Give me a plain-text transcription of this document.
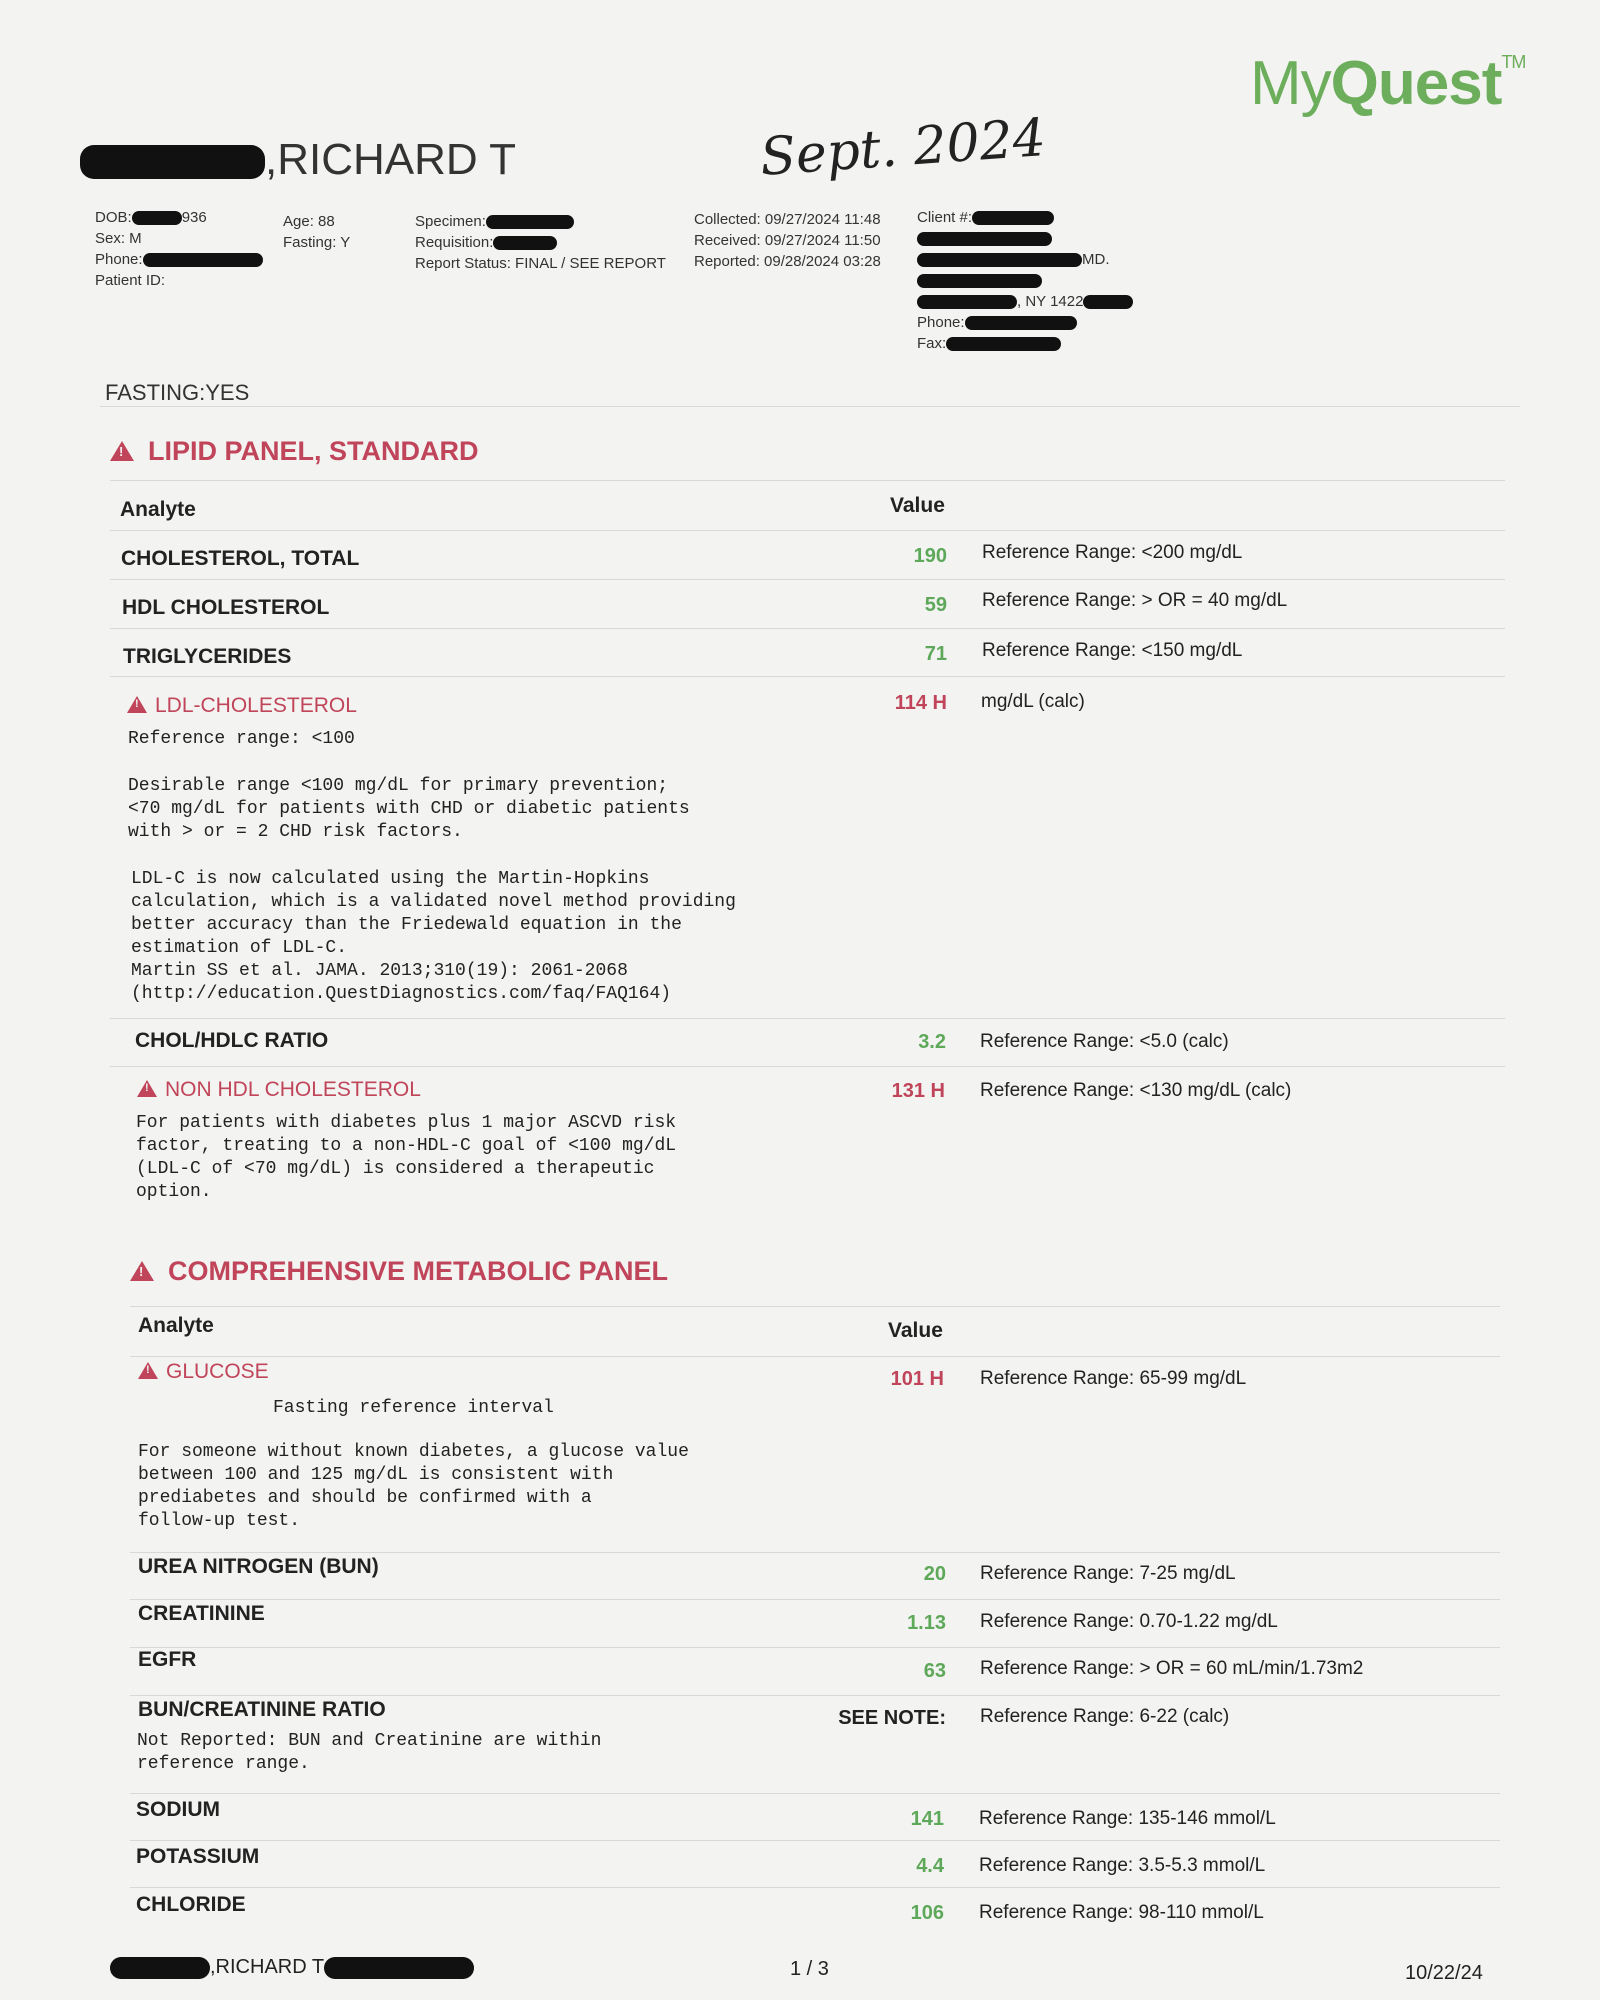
MyQuest™
,RICHARD T	Sept. 2024
DOB:	936
Sex: M
Phone:
Patient ID:
Age: 88
Fasting: Y
Specimen:
Requisition:
Report Status: FINAL / SEE REPORT
Collected: 09/27/2024 11:48
Received: 09/27/2024 11:50
Reported: 09/28/2024 03:28
Client #:
MD.
, NY 1422
Phone:
Fax:
FASTING:YES
!LIPID PANEL, STANDARD
Analyte	Value
CHOLESTEROL, TOTAL	190 Reference Range: <200 mg/dL
HDL CHOLESTEROL	59 Reference Range: > OR = 40 mg/dL
TRIGLYCERIDES	71 Reference Range: <150 mg/dL
!LDL-CHOLESTEROL	114 H mg/dL (calc)
Reference range: <100
Desirable range <100 mg/dL for primary prevention;
<70 mg/dL for patients with CHD or diabetic patients
with > or = 2 CHD risk factors.
LDL-C is now calculated using the Martin-Hopkins
calculation, which is a validated novel method providing
better accuracy than the Friedewald equation in the
estimation of LDL-C.
Martin SS et al. JAMA. 2013;310(19): 2061-2068
(http://education.QuestDiagnostics.com/faq/FAQ164)
CHOL/HDLC RATIO	3.2 Reference Range: <5.0 (calc)
!NON HDL CHOLESTEROL	131 H Reference Range: <130 mg/dL (calc)
For patients with diabetes plus 1 major ASCVD risk
factor, treating to a non-HDL-C goal of <100 mg/dL
(LDL-C of <70 mg/dL) is considered a therapeutic
option.
!COMPREHENSIVE METABOLIC PANEL
Analyte	Value
!GLUCOSE	101 H Reference Range: 65-99 mg/dL
Fasting reference interval
For someone without known diabetes, a glucose value
between 100 and 125 mg/dL is consistent with
prediabetes and should be confirmed with a
follow-up test.
UREA NITROGEN (BUN)	20 Reference Range: 7-25 mg/dL
CREATININE	1.13 Reference Range: 0.70-1.22 mg/dL
EGFR	63 Reference Range: > OR = 60 mL/min/1.73m2
BUN/CREATININE RATIO	SEE NOTE: Reference Range: 6-22 (calc)
Not Reported: BUN and Creatinine are within
reference range.
SODIUM	141 Reference Range: 135-146 mmol/L
POTASSIUM	4.4 Reference Range: 3.5-5.3 mmol/L
CHLORIDE	106 Reference Range: 98-110 mmol/L
,RICHARD T	1 / 3	10/22/24
